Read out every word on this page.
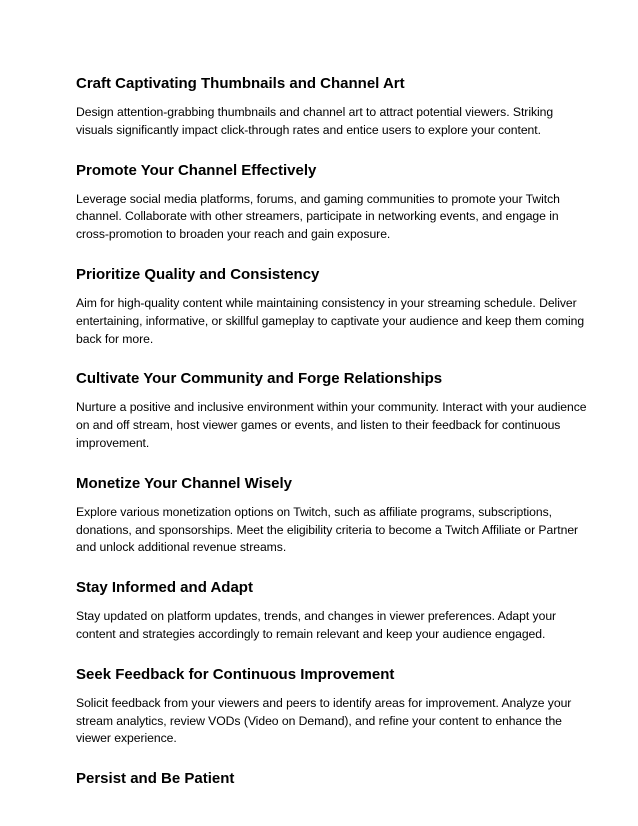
Craft Captivating Thumbnails and Channel Art

Design attention-grabbing thumbnails and channel art to attract potential viewers. Striking
visuals significantly impact click-through rates and entice users to explore your content.

Promote Your Channel Effectively

Leverage social media platforms, forums, and gaming communities to promote your Twitch
channel. Collaborate with other streamers, participate in networking events, and engage in
cross-promotion to broaden your reach and gain exposure.

Prioritize Quality and Consistency

Aim for high-quality content while maintaining consistency in your streaming schedule. Deliver
entertaining, informative, or skillful gameplay to captivate your audience and keep them coming
back for more.

Cultivate Your Community and Forge Relationships

Nurture a positive and inclusive environment within your community. Interact with your audience
on and off stream, host viewer games or events, and listen to their feedback for continuous
improvement.

Monetize Your Channel Wisely

Explore various monetization options on Twitch, such as affiliate programs, subscriptions,
donations, and sponsorships. Meet the eligibility criteria to become a Twitch Affiliate or Partner
and unlock additional revenue streams.

Stay Informed and Adapt

Stay updated on platform updates, trends, and changes in viewer preferences. Adapt your
content and strategies accordingly to remain relevant and keep your audience engaged.

Seek Feedback for Continuous Improvement

Solicit feedback from your viewers and peers to identify areas for improvement. Analyze your
stream analytics, review VODs (Video on Demand), and refine your content to enhance the
viewer experience.

Persist and Be Patient
